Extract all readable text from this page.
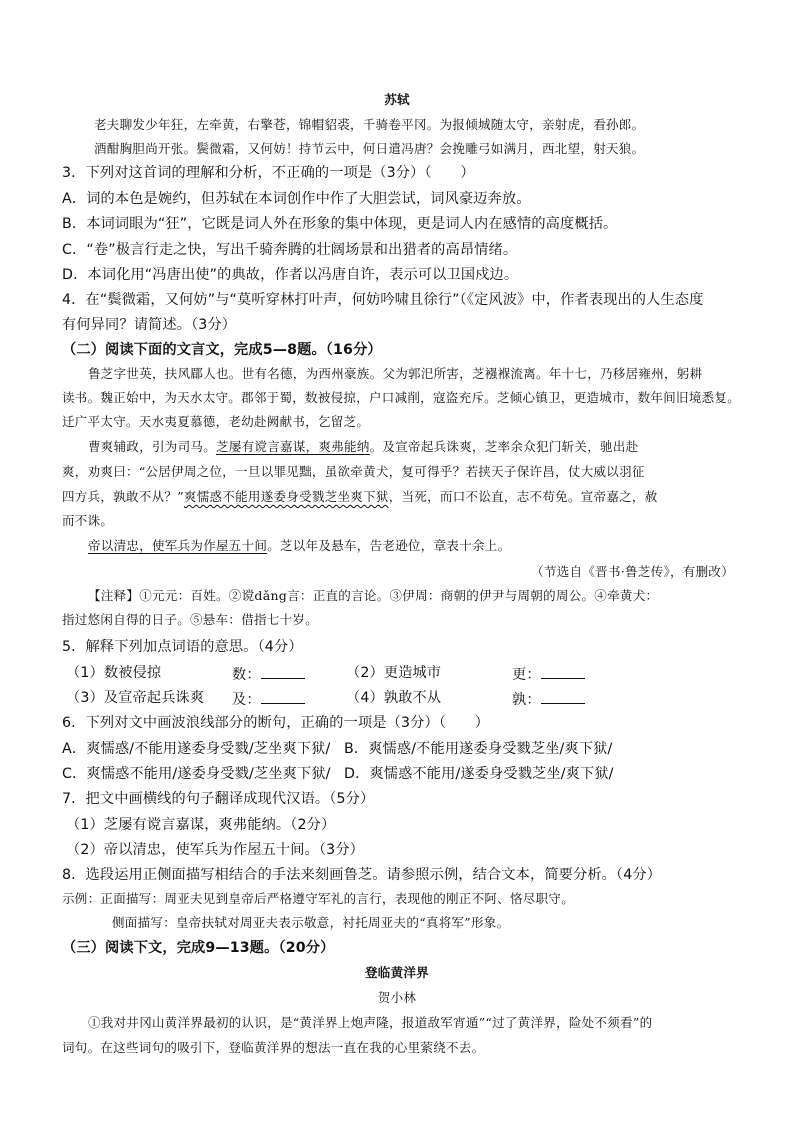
苏轼
老夫聊发少年狂，左牵黄，右擎苍，锦帽貂裘，千骑卷平冈。为报倾城随太守，亲射虎，看孙郎。
酒酣胸胆尚开张。鬓微霜，又何妨！持节云中，何日遣冯唐？会挽雕弓如满月，西北望，射天狼。
3．下列对这首词的理解和分析，不正确的一项是（3分）（　　）
A．词的本色是婉约，但苏轼在本词创作中作了大胆尝试，词风豪迈奔放。
B．本词词眼为“狂”，它既是词人外在形象的集中体现，更是词人内在感情的高度概括。
C．“卷”极言行走之快，写出千骑奔腾的壮阔场景和出猎者的高昂情绪。
D．本词化用“冯唐出使”的典故，作者以冯唐自许，表示可以卫国戍边。
4．在“鬓微霜，又何妨”与“莫听穿林打叶声，何妨吟啸且徐行”（《定风波》中，作者表现出的人生态度
有何异同？请简述。（3分）
（二）阅读下面的文言文，完成5—8题。（16分）
鲁芝字世英，扶风郿人也。世有名德，为西州豪族。父为郭汜所害，芝襁褓流离。年十七，乃移居雍州，躬耕
读书。魏正始中，为天水太守。郡邻于蜀，数被侵掠，户口减削，寇盗充斥。芝倾心镇卫，更造城市，数年间旧境悉复。
迁广平太守。天水夷夏慕德，老幼赴阙献书，乞留芝。
曹爽辅政，引为司马。芝屡有谠言嘉谋，爽弗能纳。及宣帝起兵诛爽，芝率余众犯门斩关，驰出赴
爽，劝爽曰：“公居伊周之位，一旦以罪见黜，虽欲牵黄犬，复可得乎？若挟天子保许昌，仗大威以羽征
四方兵，孰敢不从？”爽懦惑不能用遂委身受戮芝坐爽下狱，当死，而口不讼直，志不苟免。宣帝嘉之，赦
而不诛。
帝以清忠，使军兵为作屋五十间。芝以年及悬车，告老逊位，章表十余上。
（节选自《晋书·鲁芝传》，有删改）
【注释】①元元：百姓。②谠dǎng言：正直的言论。③伊周：商朝的伊尹与周朝的周公。④牵黄犬：
指过悠闲自得的日子。⑤悬车：借指七十岁。
5．解释下列加点词语的意思。（4分）
（1）数被侵掠	数：	（2）更造城市	更：
（3）及宣帝起兵诛爽 及：	（4）孰敢不从	孰：
6．下列对文中画波浪线部分的断句，正确的一项是（3分）（　　）
A．爽懦惑/不能用遂委身受戮/芝坐爽下狱/ B．爽懦惑/不能用遂委身受戮芝坐/爽下狱/
C．爽懦惑不能用/遂委身受戮/芝坐爽下狱/ D．爽懦惑不能用/遂委身受戮芝坐/爽下狱/
7．把文中画横线的句子翻译成现代汉语。（5分）
（1）芝屡有谠言嘉谋，爽弗能纳。（2分）
（2）帝以清忠，使军兵为作屋五十间。（3分）
8．选段运用正侧面描写相结合的手法来刻画鲁芝。请参照示例，结合文本，简要分析。（4分）
示例：正面描写：周亚夫见到皇帝后严格遵守军礼的言行，表现他的刚正不阿、恪尽职守。
侧面描写：皇帝扶轼对周亚夫表示敬意，衬托周亚夫的“真将军”形象。
（三）阅读下文，完成9—13题。（20分）
登临黄洋界
贺小林
①我对井冈山黄洋界最初的认识，是“黄洋界上炮声隆，报道敌军宵遁”“过了黄洋界，险处不须看”的
词句。在这些词句的吸引下，登临黄洋界的想法一直在我的心里萦绕不去。
